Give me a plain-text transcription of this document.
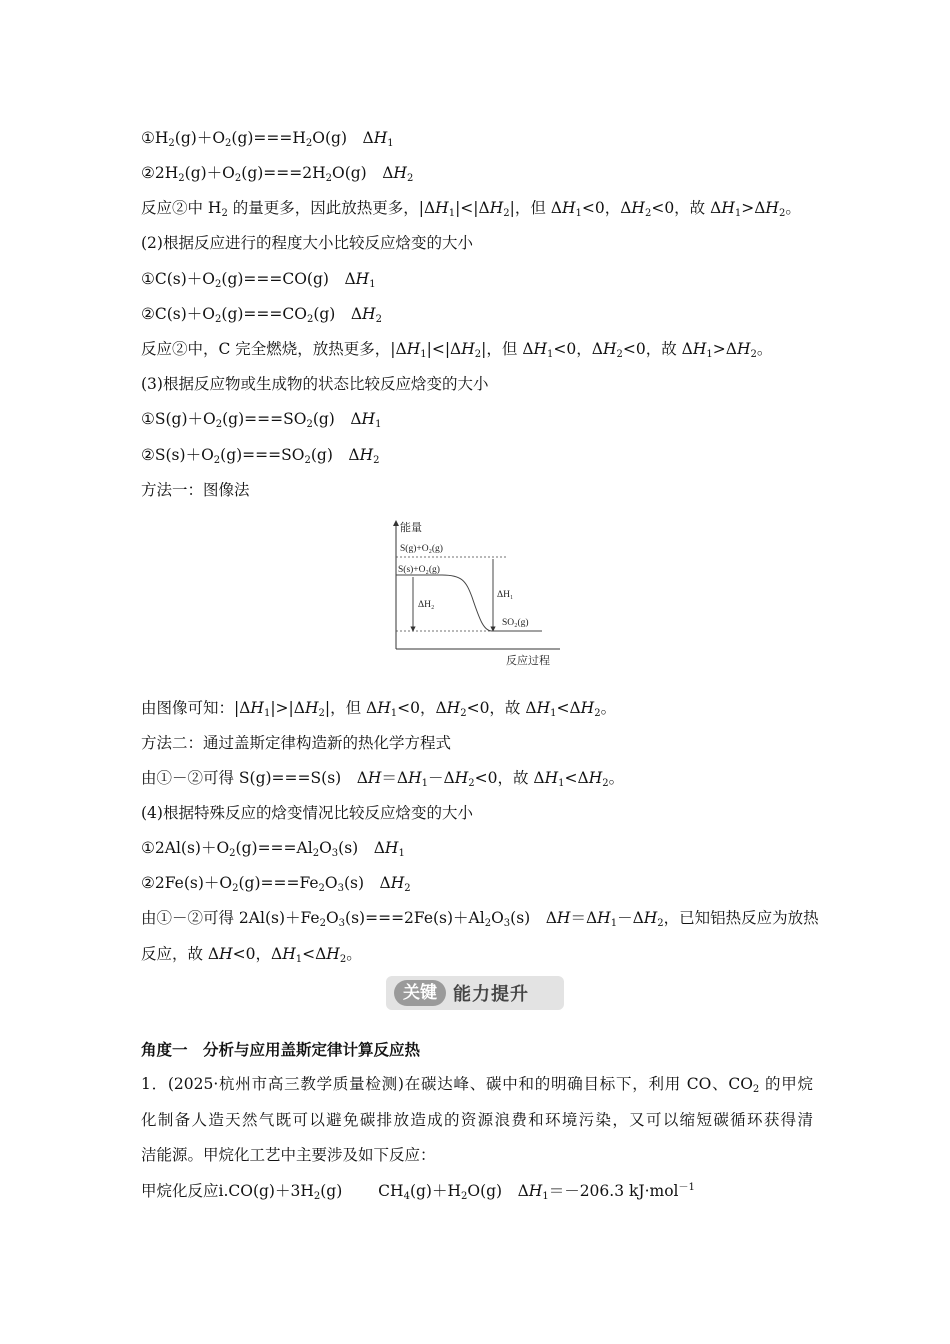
$①H_2(g)+O_2(g)===H_2O(g)$　$\Delta H_1$
$②2H_2(g)+O_2(g)===2H_2O(g)$　$\Delta H_2$
反应②中 $H_2$ 的量更多，因此放热更多，$|\Delta H_1|<|\Delta H_2|$，但 $\Delta H_1<0$，$\Delta H_2<0$，故 $\Delta H_1>\Delta H_2$。
(2)根据反应进行的程度大小比较反应焓变的大小
$①C(s)+O_2(g)===CO(g)$　$\Delta H_1$
$②C(s)+O_2(g)===CO_2(g)$　$\Delta H_2$
反应②中，C 完全燃烧，放热更多，$|\Delta H_1|<|\Delta H_2|$，但 $\Delta H_1<0$，$\Delta H_2<0$，故 $\Delta H_1>\Delta H_2$。
(3)根据反应物或生成物的状态比较反应焓变的大小
$①S(g)+O_2(g)===SO_2(g)$　$\Delta H_1$
$②S(s)+O_2(g)===SO_2(g)$　$\Delta H_2$
方法一：图像法
能量
反应过程
S(g)+O₂(g)
S(s)+O₂(g)
SO₂(g)
ΔH₁
ΔH₂
由图像可知：$|\Delta H_1|>|\Delta H_2|$，但 $\Delta H_1<0$，$\Delta H_2<0$，故 $\Delta H_1<\Delta H_2$。
方法二：通过盖斯定律构造新的热化学方程式
由①－②可得 S(g)===S(s)　$\Delta H=\Delta H_1-\Delta H_2<0$，故 $\Delta H_1<\Delta H_2$。
(4)根据特殊反应的焓变情况比较反应焓变的大小
$①2Al(s)+O_2(g)===Al_2O_3(s)$　$\Delta H_1$
$②2Fe(s)+O_2(g)===Fe_2O_3(s)$　$\Delta H_2$
由①－②可得 $2Al(s)+Fe_2O_3(s)===2Fe(s)+Al_2O_3(s)$　$\Delta H=\Delta H_1-\Delta H_2$，已知铝热反应为放热
反应，故 ΔH<0，$\Delta H_1<\Delta H_2$。
关键 能力提升
角度一　分析与应用盖斯定律计算反应热
1．(2025·杭州市高三教学质量检测)在碳达峰、碳中和的明确目标下，利用 CO、$CO_2$ 的甲烷
化制备人造天然气既可以避免碳排放造成的资源浪费和环境污染，又可以缩短碳循环获得清
洁能源。甲烷化工艺中主要涉及如下反应：
甲烷化反应$ⅰ.CO(g)+3H_2(g)$　　 $CH_4(g)+H_2O(g)$　$\Delta H_1=-206.3$ kJ·mol$^{-1}$
